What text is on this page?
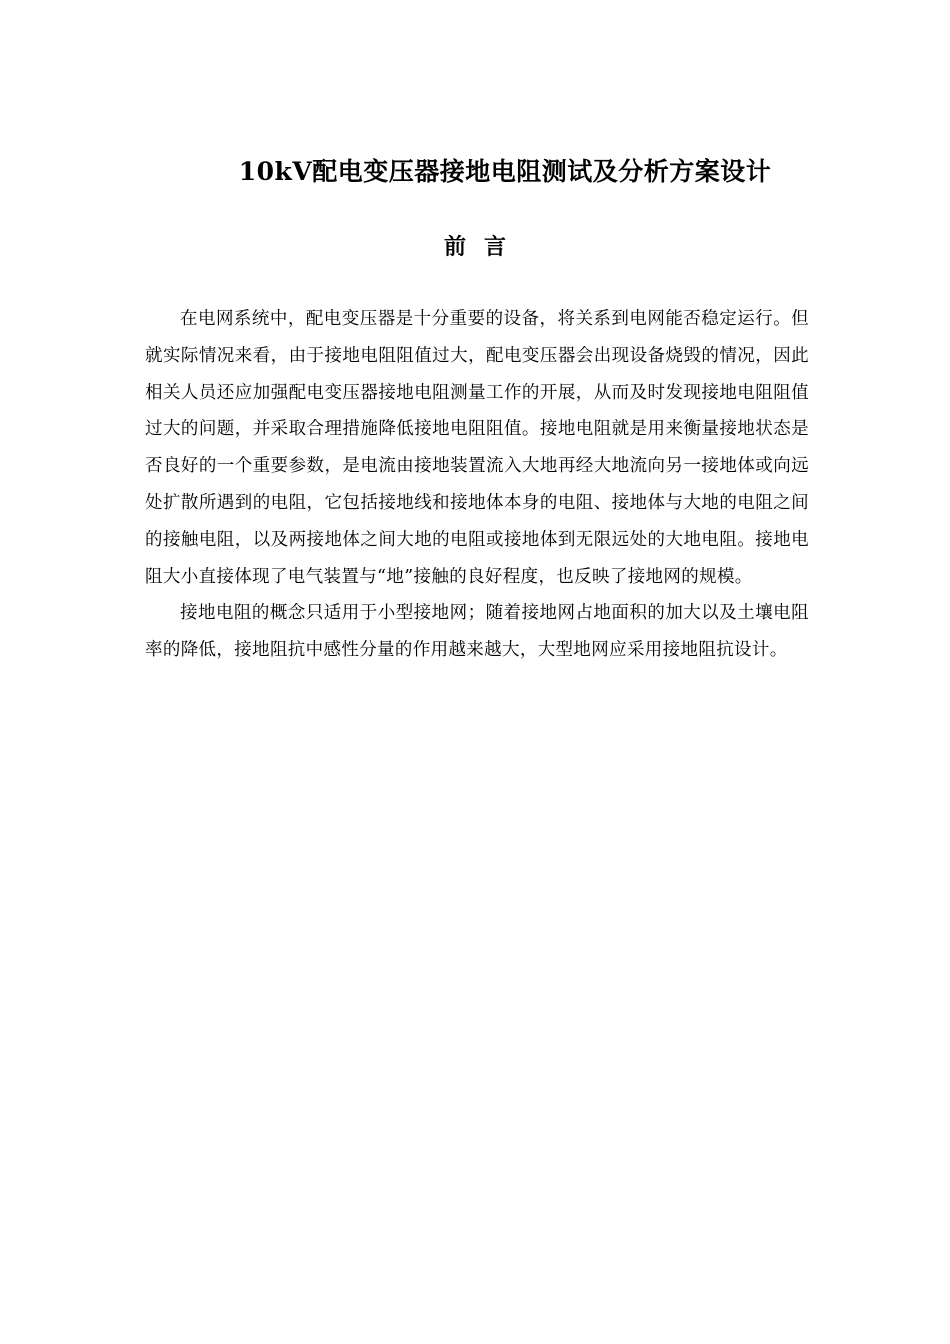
10kV配电变压器接地电阻测试及分析方案设计
前言

在电网系统中，配电变压器是十分重要的设备，将关系到电网能否稳定运行。但就实际情况来看，由于接地电阻阻值过大，配电变压器会出现设备烧毁的情况，因此相关人员还应加强配电变压器接地电阻测量工作的开展，从而及时发现接地电阻阻值过大的问题，并采取合理措施降低接地电阻阻值。接地电阻就是用来衡量接地状态是否良好的一个重要参数，是电流由接地装置流入大地再经大地流向另一接地体或向远处扩散所遇到的电阻，它包括接地线和接地体本身的电阻、接地体与大地的电阻之间的接触电阻，以及两接地体之间大地的电阻或接地体到无限远处的大地电阻。接地电阻大小直接体现了电气装置与“地”接触的良好程度，也反映了接地网的规模。

接地电阻的概念只适用于小型接地网；随着接地网占地面积的加大以及土壤电阻率的降低，接地阻抗中感性分量的作用越来越大，大型地网应采用接地阻抗设计。
